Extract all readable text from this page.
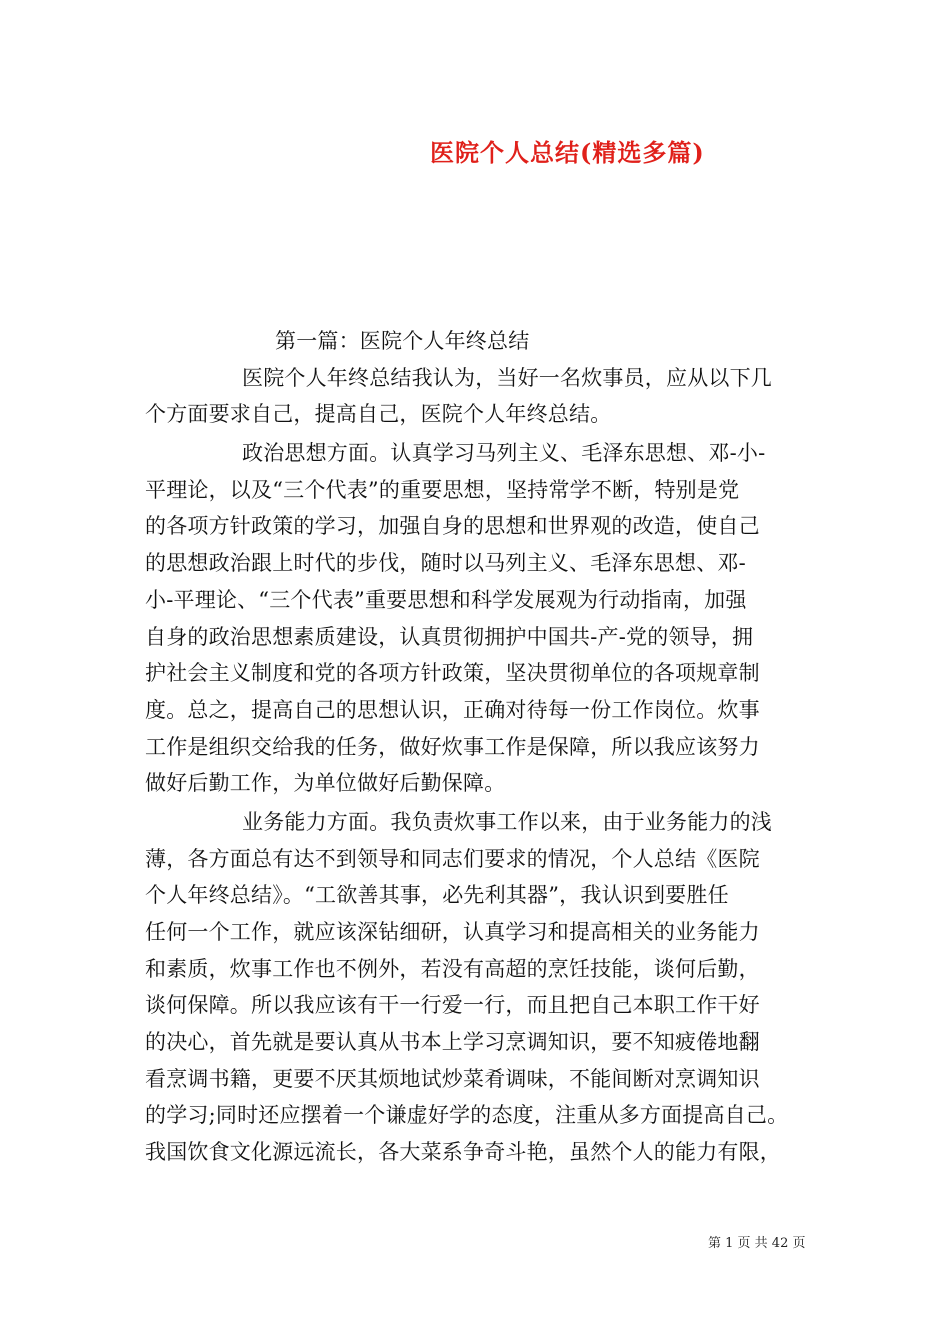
医院个人总结(精选多篇)
第一篇：医院个人年终总结
医院个人年终总结我认为，当好一名炊事员，应从以下几
个方面要求自己，提高自己，医院个人年终总结。
政治思想方面。认真学习马列主义、毛泽东思想、邓-小-
平理论，以及“三个代表”的重要思想，坚持常学不断，特别是党
的各项方针政策的学习，加强自身的思想和世界观的改造，使自己
的思想政治跟上时代的步伐，随时以马列主义、毛泽东思想、邓-
小-平理论、“三个代表”重要思想和科学发展观为行动指南，加强
自身的政治思想素质建设，认真贯彻拥护中国共-产-党的领导，拥
护社会主义制度和党的各项方针政策，坚决贯彻单位的各项规章制
度。总之，提高自己的思想认识，正确对待每一份工作岗位。炊事
工作是组织交给我的任务，做好炊事工作是保障，所以我应该努力
做好后勤工作，为单位做好后勤保障。
业务能力方面。我负责炊事工作以来，由于业务能力的浅
薄，各方面总有达不到领导和同志们要求的情况，个人总结《医院
个人年终总结》。“工欲善其事，必先利其器”，我认识到要胜任
任何一个工作，就应该深钻细研，认真学习和提高相关的业务能力
和素质，炊事工作也不例外，若没有高超的烹饪技能，谈何后勤，
谈何保障。所以我应该有干一行爱一行，而且把自己本职工作干好
的决心，首先就是要认真从书本上学习烹调知识，要不知疲倦地翻
看烹调书籍，更要不厌其烦地试炒菜肴调味，不能间断对烹调知识
的学习;同时还应摆着一个谦虚好学的态度，注重从多方面提高自己。
我国饮食文化源远流长，各大菜系争奇斗艳，虽然个人的能力有限，
第 1 页 共 42 页
